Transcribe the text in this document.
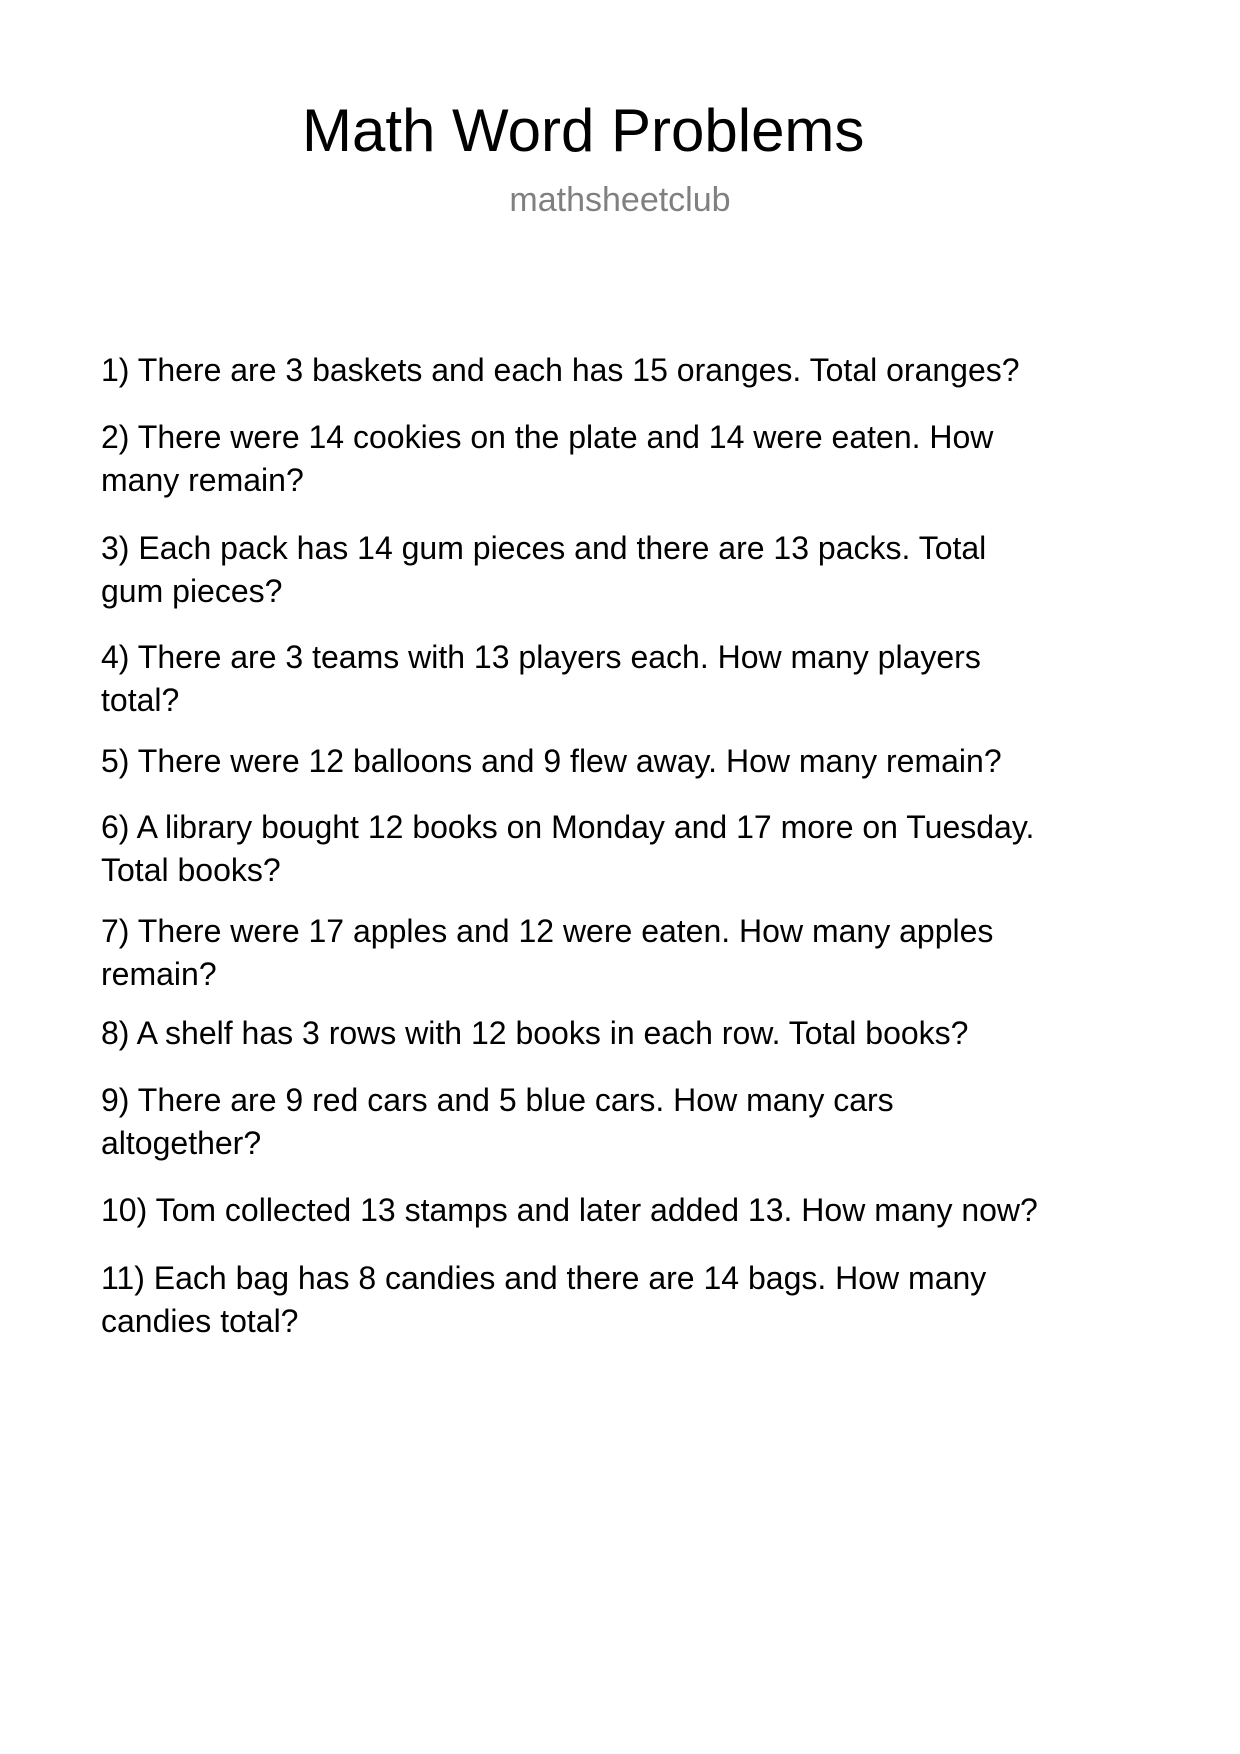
Math Word Problems
mathsheetclub
1) There are 3 baskets and each has 15 oranges. Total oranges?
2) There were 14 cookies on the plate and 14 were eaten. How
many remain?
3) Each pack has 14 gum pieces and there are 13 packs. Total
gum pieces?
4) There are 3 teams with 13 players each. How many players
total?
5) There were 12 balloons and 9 flew away. How many remain?
6) A library bought 12 books on Monday and 17 more on Tuesday.
Total books?
7) There were 17 apples and 12 were eaten. How many apples
remain?
8) A shelf has 3 rows with 12 books in each row. Total books?
9) There are 9 red cars and 5 blue cars. How many cars
altogether?
10) Tom collected 13 stamps and later added 13. How many now?
11) Each bag has 8 candies and there are 14 bags. How many
candies total?
